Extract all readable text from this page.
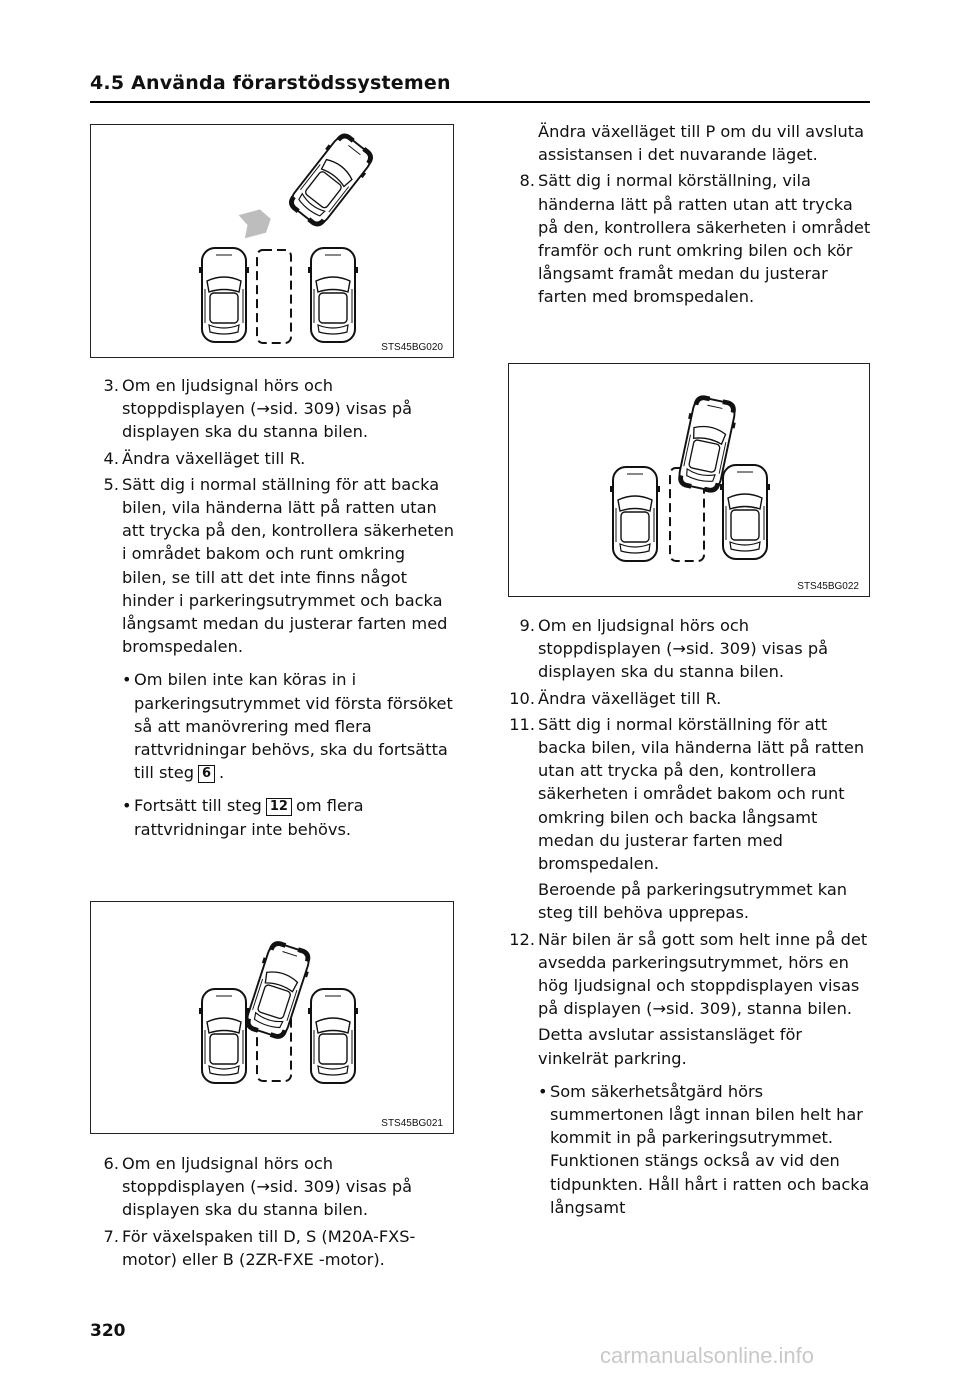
4.5 Använda förarstödssystemen
STS45BG020
STS45BG021
STS45BG022
3. Om en ljudsignal hörs och stoppdisplayen (→sid. 309) visas på displayen ska du stanna bilen.
4. Ändra växelläget till R.
5. Sätt dig i normal ställning för att backa bilen, vila händerna lätt på ratten utan att trycka på den, kontrollera säkerheten i området bakom och runt omkring bilen, se till att det inte finns något hinder i parkeringsutrymmet och backa långsamt medan du justerar farten med bromspedalen.
• Om bilen inte kan köras in i parkeringsutrymmet vid första försöket så att manövrering med flera rattvridningar behövs, ska du fortsätta till steg 6 .
• Fortsätt till steg 12 om flera rattvridningar inte behövs.
6. Om en ljudsignal hörs och stoppdisplayen (→sid. 309) visas på displayen ska du stanna bilen.
7. För växelspaken till D, S (M20A-FXS-motor) eller B (2ZR-FXE -motor).
Ändra växelläget till P om du vill avsluta assistansen i det nuvarande läget.
8. Sätt dig i normal körställning, vila händerna lätt på ratten utan att trycka på den, kontrollera säkerheten i området framför och runt omkring bilen och kör långsamt framåt medan du justerar farten med bromspedalen.
9. Om en ljudsignal hörs och stoppdisplayen (→sid. 309) visas på displayen ska du stanna bilen.
10. Ändra växelläget till R.
11. Sätt dig i normal körställning för att backa bilen, vila händerna lätt på ratten utan att trycka på den, kontrollera säkerheten i området bakom och runt omkring bilen och backa långsamt medan du justerar farten med bromspedalen.
Beroende på parkeringsutrymmet kan steg till behöva upprepas.
12. När bilen är så gott som helt inne på det avsedda parkeringsutrymmet, hörs en hög ljudsignal och stoppdisplayen visas på displayen (→sid. 309), stanna bilen.
Detta avslutar assistansläget för vinkelrät parkring.
• Som säkerhetsåtgärd hörs summertonen lågt innan bilen helt har kommit in på parkeringsutrymmet. Funktionen stängs också av vid den tidpunkten. Håll hårt i ratten och backa långsamt
320
carmanualsonline.info
